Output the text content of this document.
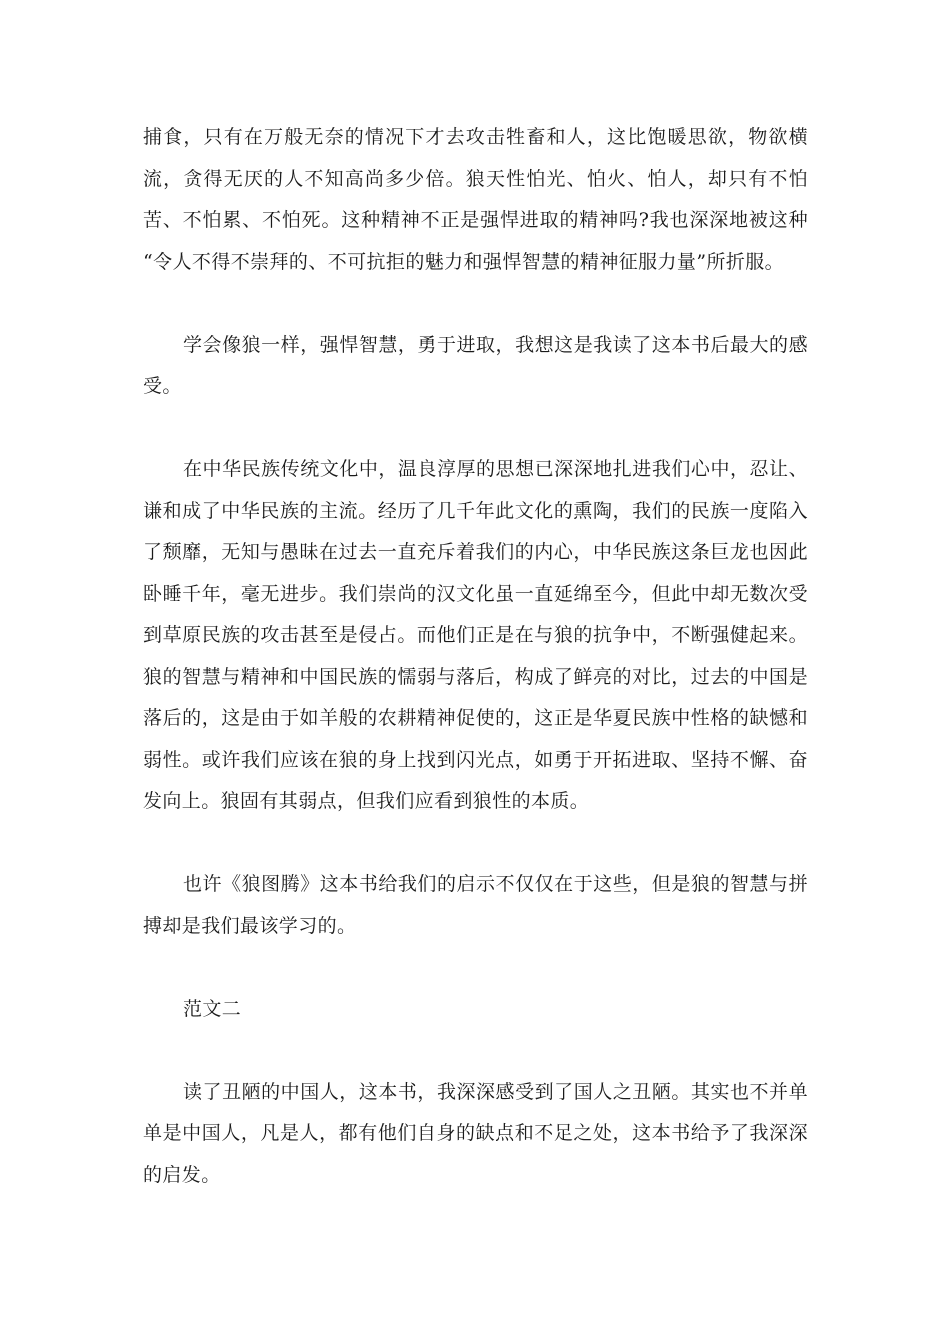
捕食，只有在万般无奈的情况下才去攻击牲畜和人，这比饱暖思欲，物欲横流，贪得无厌的人不知高尚多少倍。狼天性怕光、怕火、怕人，却只有不怕苦、不怕累、不怕死。这种精神不正是强悍进取的精神吗?我也深深地被这种 “令人不得不崇拜的、不可抗拒的魅力和强悍智慧的精神征服力量”所折服。

学会像狼一样，强悍智慧，勇于进取，我想这是我读了这本书后最大的感受。

在中华民族传统文化中，温良淳厚的思想已深深地扎进我们心中，忍让、谦和成了中华民族的主流。经历了几千年此文化的熏陶，我们的民族一度陷入了颓靡，无知与愚昧在过去一直充斥着我们的内心，中华民族这条巨龙也因此卧睡千年，毫无进步。我们崇尚的汉文化虽一直延绵至今，但此中却无数次受到草原民族的攻击甚至是侵占。而他们正是在与狼的抗争中，不断强健起来。狼的智慧与精神和中国民族的懦弱与落后，构成了鲜亮的对比，过去的中国是落后的，这是由于如羊般的农耕精神促使的，这正是华夏民族中性格的缺憾和弱性。或许我们应该在狼的身上找到闪光点，如勇于开拓进取、坚持不懈、奋发向上。狼固有其弱点，但我们应看到狼性的本质。

也许《狼图腾》这本书给我们的启示不仅仅在于这些，但是狼的智慧与拼搏却是我们最该学习的。

范文二

读了丑陋的中国人，这本书，我深深感受到了国人之丑陋。其实也不并单单是中国人，凡是人，都有他们自身的缺点和不足之处，这本书给予了我深深的启发。
